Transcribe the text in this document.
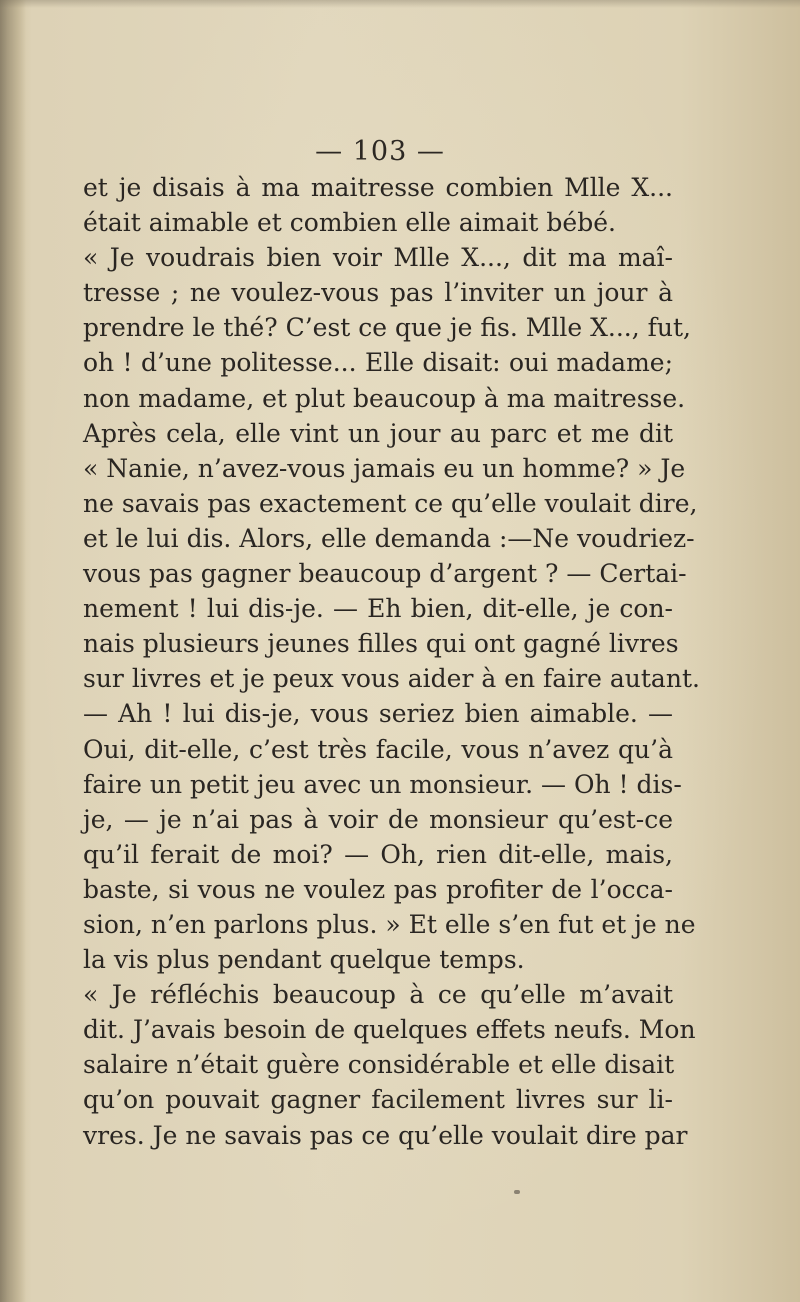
— 103 —
et je disais à ma maitresse combien Mlle X...
était aimable et combien elle aimait bébé.
« Je voudrais bien voir Mlle X..., dit ma maî-
tresse ; ne voulez-vous pas l’inviter un jour à
prendre le thé? C’est ce que je fis. Mlle X..., fut,
oh ! d’une politesse... Elle disait: oui madame;
non madame, et plut beaucoup à ma maitresse.
Après cela, elle vint un jour au parc et me dit
« Nanie, n’avez-vous jamais eu un homme? » Je
ne savais pas exactement ce qu’elle voulait dire,
et le lui dis. Alors, elle demanda :—Ne voudriez-
vous pas gagner beaucoup d’argent ? — Certai-
nement ! lui dis-je. — Eh bien, dit-elle, je con-
nais plusieurs jeunes filles qui ont gagné livres
sur livres et je peux vous aider à en faire autant.
— Ah ! lui dis-je, vous seriez bien aimable. —
Oui, dit-elle, c’est très facile, vous n’avez qu’à
faire un petit jeu avec un monsieur. — Oh ! dis-
je, — je n’ai pas à voir de monsieur qu’est-ce
qu’il ferait de moi? — Oh, rien dit-elle, mais,
baste, si vous ne voulez pas profiter de l’occa-
sion, n’en parlons plus. » Et elle s’en fut et je ne
la vis plus pendant quelque temps.
« Je réfléchis beaucoup à ce qu’elle m’avait
dit. J’avais besoin de quelques effets neufs. Mon
salaire n’était guère considérable et elle disait
qu’on pouvait gagner facilement livres sur li-
vres. Je ne savais pas ce qu’elle voulait dire par
